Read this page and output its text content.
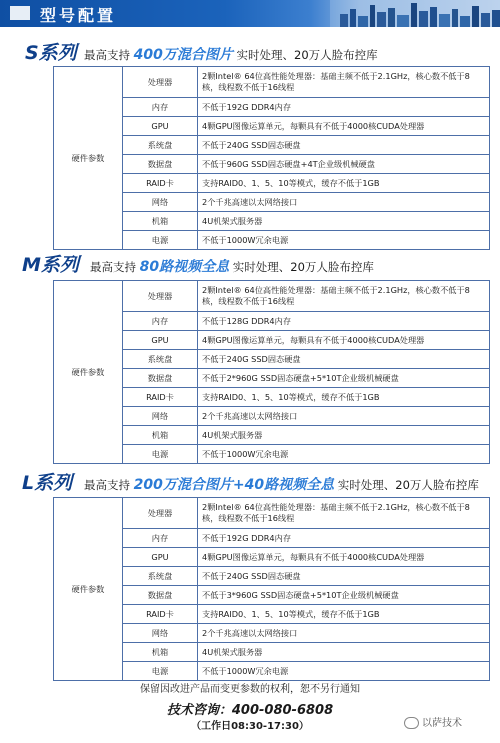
型号配置
S系列 最高支持 400万混合图片 实时处理、20万人脸布控库
硬件参数	处理器	2颗Intel® 64位高性能处理器：基础主频不低于2.1GHz，核心数不低于8核，线程数不低于16线程
	内存	不低于192G DDR4内存
	GPU	4颗GPU图像运算单元，每颗具有不低于4000核CUDA处理器
	系统盘	不低于240G SSD固态硬盘
	数据盘	不低于960G SSD固态硬盘+4T企业级机械硬盘
	RAID卡	支持RAID0、1、5、10等模式，缓存不低于1GB
	网络	2个千兆高速以太网络接口
	机箱	4U机架式服务器
	电源	不低于1000W冗余电源
M系列 最高支持 80路视频全息 实时处理、20万人脸布控库
硬件参数	处理器	2颗Intel® 64位高性能处理器：基础主频不低于2.1GHz，核心数不低于8核，线程数不低于16线程
	内存	不低于128G DDR4内存
	GPU	4颗GPU图像运算单元，每颗具有不低于4000核CUDA处理器
	系统盘	不低于240G SSD固态硬盘
	数据盘	不低于2*960G SSD固态硬盘+5*10T企业级机械硬盘
	RAID卡	支持RAID0、1、5、10等模式，缓存不低于1GB
	网络	2个千兆高速以太网络接口
	机箱	4U机架式服务器
	电源	不低于1000W冗余电源
L系列 最高支持 200万混合图片+40路视频全息 实时处理、20万人脸布控库
硬件参数	处理器	2颗Intel® 64位高性能处理器：基础主频不低于2.1GHz，核心数不低于8核，线程数不低于16线程
	内存	不低于192G DDR4内存
	GPU	4颗GPU图像运算单元，每颗具有不低于4000核CUDA处理器
	系统盘	不低于240G SSD固态硬盘
	数据盘	不低于3*960G SSD固态硬盘+5*10T企业级机械硬盘
	RAID卡	支持RAID0、1、5、10等模式，缓存不低于1GB
	网络	2个千兆高速以太网络接口
	机箱	4U机架式服务器
	电源	不低于1000W冗余电源
保留因改进产品而变更参数的权利，恕不另行通知
技术咨询：400-080-6808
（工作日08:30-17:30）	以萨技术
